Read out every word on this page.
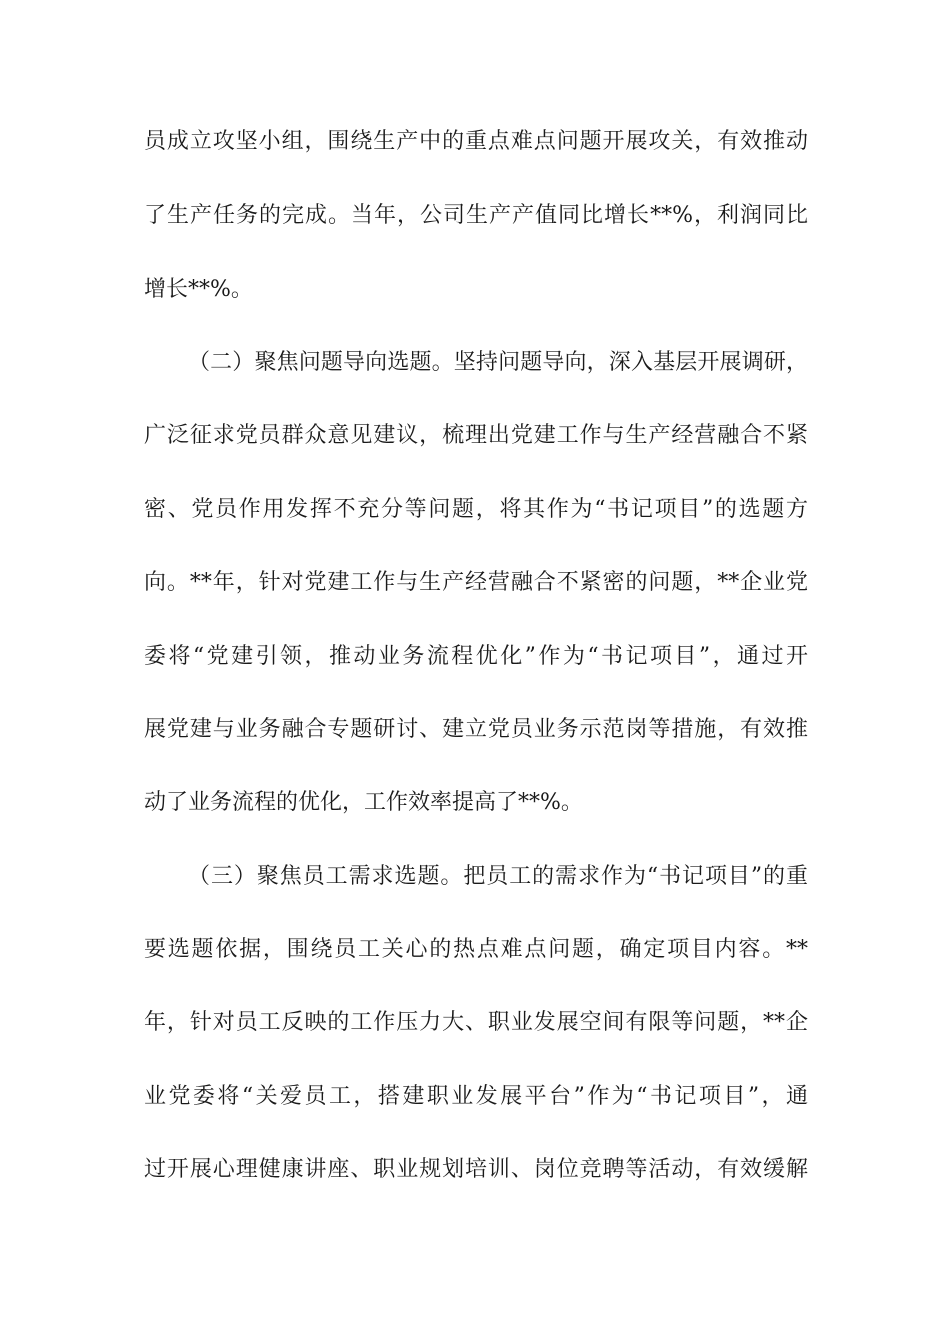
员成立攻坚小组，围绕生产中的重点难点问题开展攻关，有效推动
了生产任务的完成。当年，公司生产产值同比增长**%，利润同比
增长**%。
（二）聚焦问题导向选题。坚持问题导向，深入基层开展调研，
广泛征求党员群众意见建议，梳理出党建工作与生产经营融合不紧
密、党员作用发挥不充分等问题，将其作为“书记项目”的选题方
向。**年，针对党建工作与生产经营融合不紧密的问题，**企业党
委将“党建引领，推动业务流程优化”作为“书记项目”，通过开
展党建与业务融合专题研讨、建立党员业务示范岗等措施，有效推
动了业务流程的优化，工作效率提高了**%。
（三）聚焦员工需求选题。把员工的需求作为“书记项目”的重
要选题依据，围绕员工关心的热点难点问题，确定项目内容。**
年，针对员工反映的工作压力大、职业发展空间有限等问题，**企
业党委将“关爱员工，搭建职业发展平台”作为“书记项目”，通
过开展心理健康讲座、职业规划培训、岗位竞聘等活动，有效缓解
